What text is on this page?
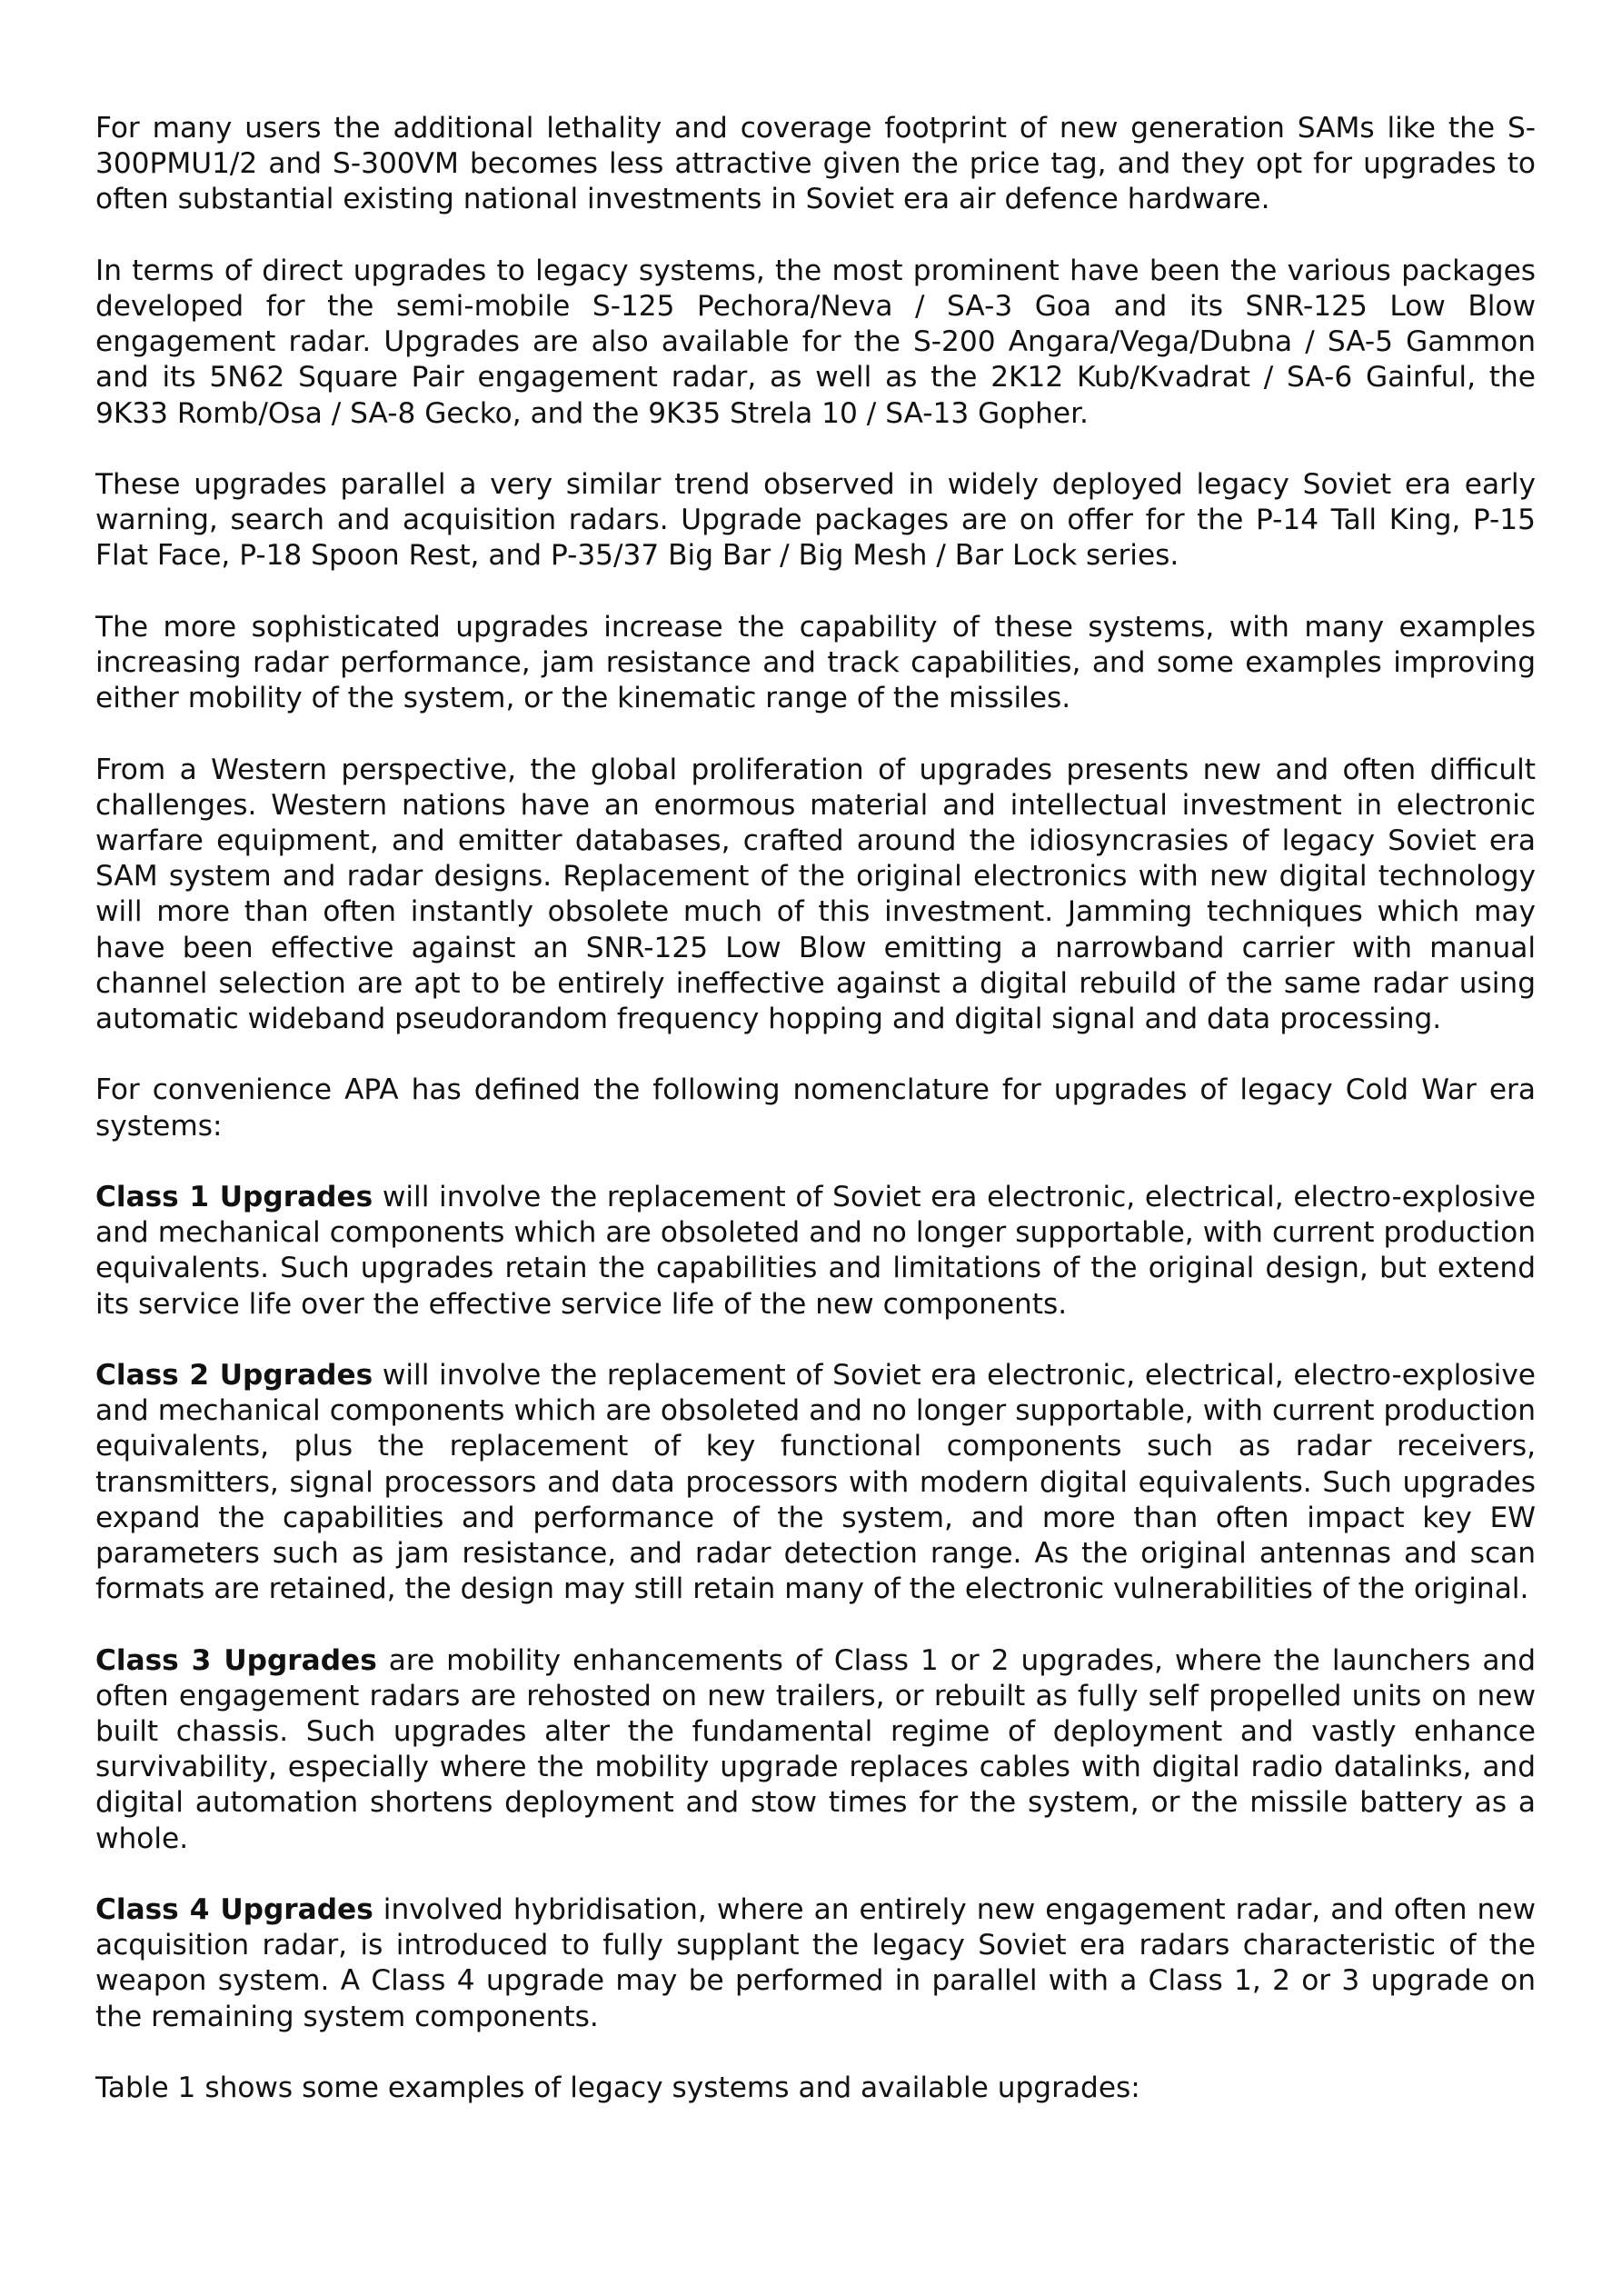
For many users the additional lethality and coverage footprint of new generation SAMs like the S-300PMU1/2 and S-300VM becomes less attractive given the price tag, and they opt for upgrades to often substantial existing national investments in Soviet era air defence hardware.

In terms of direct upgrades to legacy systems, the most prominent have been the various packages developed for the semi-mobile S-125 Pechora/Neva / SA-3 Goa and its SNR-125 Low Blow engagement radar. Upgrades are also available for the S-200 Angara/Vega/Dubna / SA-5 Gammon and its 5N62 Square Pair engagement radar, as well as the 2K12 Kub/Kvadrat / SA-6 Gainful, the 9K33 Romb/Osa / SA-8 Gecko, and the 9K35 Strela 10 / SA-13 Gopher.

These upgrades parallel a very similar trend observed in widely deployed legacy Soviet era early warning, search and acquisition radars. Upgrade packages are on offer for the P-14 Tall King, P-15 Flat Face, P-18 Spoon Rest, and P-35/37 Big Bar / Big Mesh / Bar Lock series.

The more sophisticated upgrades increase the capability of these systems, with many examples increasing radar performance, jam resistance and track capabilities, and some examples improving either mobility of the system, or the kinematic range of the missiles.

From a Western perspective, the global proliferation of upgrades presents new and often difficult challenges. Western nations have an enormous material and intellectual investment in electronic warfare equipment, and emitter databases, crafted around the idiosyncrasies of legacy Soviet era SAM system and radar designs. Replacement of the original electronics with new digital technology will more than often instantly obsolete much of this investment. Jamming techniques which may have been effective against an SNR-125 Low Blow emitting a narrowband carrier with manual channel selection are apt to be entirely ineffective against a digital rebuild of the same radar using automatic wideband pseudorandom frequency hopping and digital signal and data processing.

For convenience APA has defined the following nomenclature for upgrades of legacy Cold War era systems:

Class 1 Upgrades will involve the replacement of Soviet era electronic, electrical, electro-explosive and mechanical components which are obsoleted and no longer supportable, with current production equivalents. Such upgrades retain the capabilities and limitations of the original design, but extend its service life over the effective service life of the new components.

Class 2 Upgrades will involve the replacement of Soviet era electronic, electrical, electro-explosive and mechanical components which are obsoleted and no longer supportable, with current production equivalents, plus the replacement of key functional components such as radar receivers, transmitters, signal processors and data processors with modern digital equivalents. Such upgrades expand the capabilities and performance of the system, and more than often impact key EW parameters such as jam resistance, and radar detection range. As the original antennas and scan formats are retained, the design may still retain many of the electronic vulnerabilities of the original.

Class 3 Upgrades are mobility enhancements of Class 1 or 2 upgrades, where the launchers and often engagement radars are rehosted on new trailers, or rebuilt as fully self propelled units on new built chassis. Such upgrades alter the fundamental regime of deployment and vastly enhance survivability, especially where the mobility upgrade replaces cables with digital radio datalinks, and digital automation shortens deployment and stow times for the system, or the missile battery as a whole.

Class 4 Upgrades involved hybridisation, where an entirely new engagement radar, and often new acquisition radar, is introduced to fully supplant the legacy Soviet era radars characteristic of the weapon system. A Class 4 upgrade may be performed in parallel with a Class 1, 2 or 3 upgrade on the remaining system components.

Table 1 shows some examples of legacy systems and available upgrades:
